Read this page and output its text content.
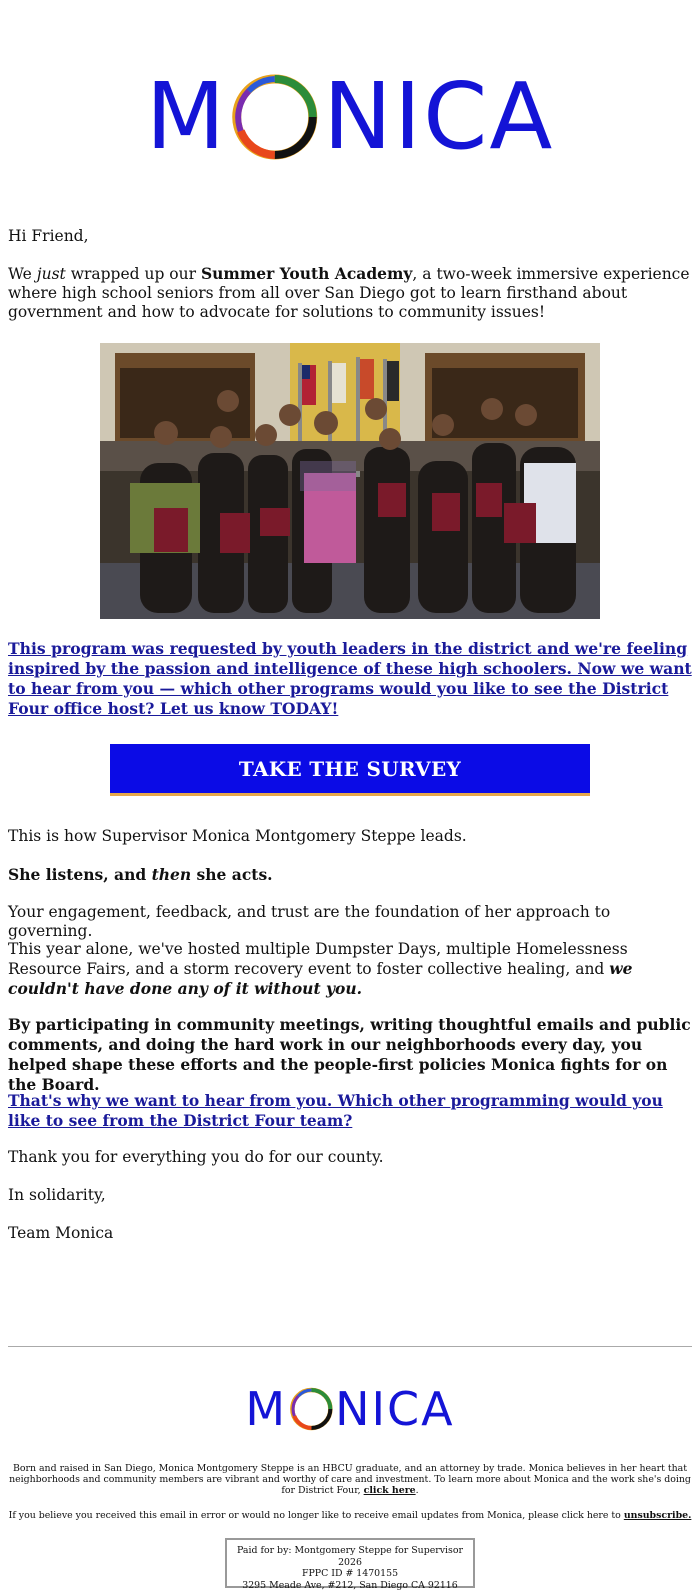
M NICA

Hi Friend,

We just wrapped up our Summer Youth Academy, a two-week immersive experience where high school seniors from all over San Diego got to learn firsthand about government and how to advocate for solutions to community issues!

This program was requested by youth leaders in the district and we're feeling inspired by the passion and intelligence of these high schoolers. Now we want to hear from you — which other programs would you like to see the District Four office host? Let us know TODAY!

TAKE THE SURVEY

This is how Supervisor Monica Montgomery Steppe leads.

She listens, and then she acts.

Your engagement, feedback, and trust are the foundation of her approach to governing.

This year alone, we've hosted multiple Dumpster Days, multiple Homelessness Resource Fairs, and a storm recovery event to foster collective healing, and we couldn't have done any of it without you.

By participating in community meetings, writing thoughtful emails and public comments, and doing the hard work in our neighborhoods every day, you helped shape these efforts and the people-first policies Monica fights for on the Board.

That's why we want to hear from you. Which other programming would you like to see from the District Four team?

Thank you for everything you do for our county.

In solidarity,

Team Monica

M NICA

Born and raised in San Diego, Monica Montgomery Steppe is an HBCU graduate, and an attorney by trade. Monica believes in her heart that neighborhoods and community members are vibrant and worthy of care and investment. To learn more about Monica and the work she's doing for District Four, click here.

If you believe you received this email in error or would no longer like to receive email updates from Monica, please click here to unsubscribe.

Paid for by: Montgomery Steppe for Supervisor 2026
FPPC ID # 1470155
3295 Meade Ave, #212, San Diego CA 92116
